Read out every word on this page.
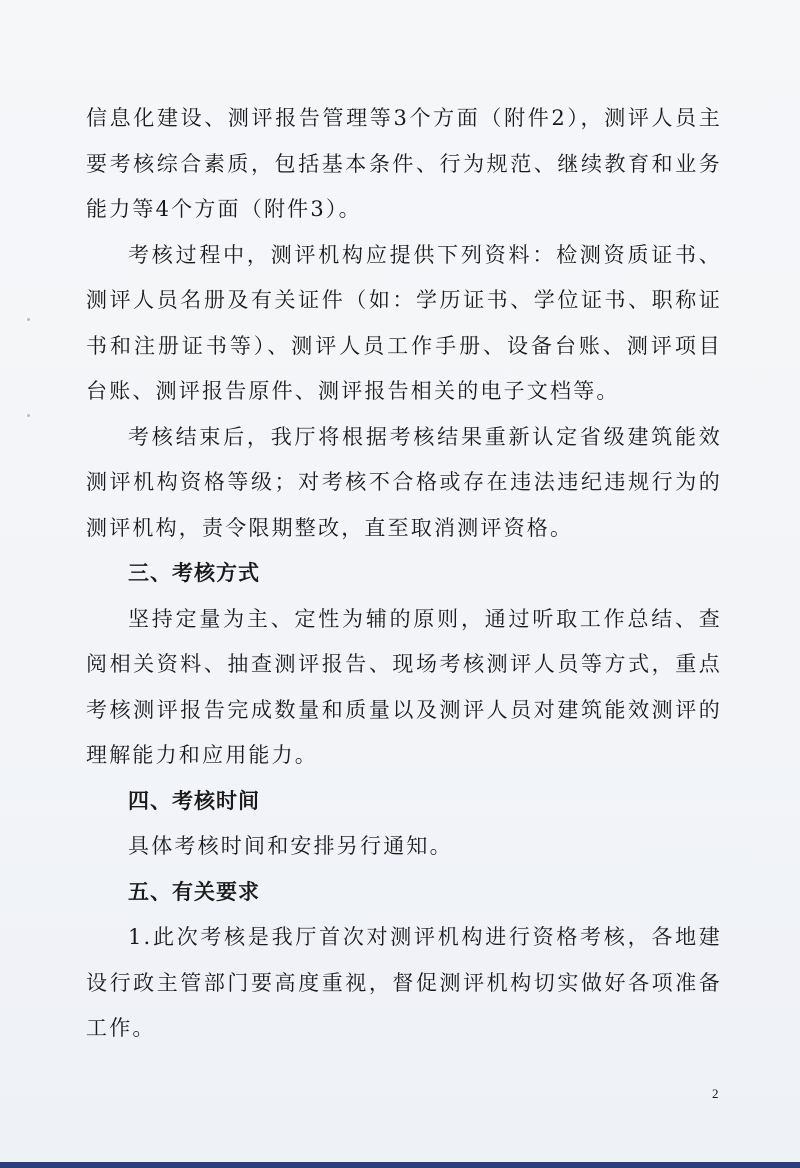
信息化建设、测评报告管理等3个方面（附件2），测评人员主要考核综合素质，包括基本条件、行为规范、继续教育和业务能力等4个方面（附件3）。

考核过程中，测评机构应提供下列资料：检测资质证书、测评人员名册及有关证件（如：学历证书、学位证书、职称证书和注册证书等）、测评人员工作手册、设备台账、测评项目台账、测评报告原件、测评报告相关的电子文档等。

考核结束后，我厅将根据考核结果重新认定省级建筑能效测评机构资格等级；对考核不合格或存在违法违纪违规行为的测评机构，责令限期整改，直至取消测评资格。

三、考核方式

坚持定量为主、定性为辅的原则，通过听取工作总结、查阅相关资料、抽查测评报告、现场考核测评人员等方式，重点考核测评报告完成数量和质量以及测评人员对建筑能效测评的理解能力和应用能力。

四、考核时间

具体考核时间和安排另行通知。

五、有关要求

1.此次考核是我厅首次对测评机构进行资格考核，各地建设行政主管部门要高度重视，督促测评机构切实做好各项准备工作。

2
